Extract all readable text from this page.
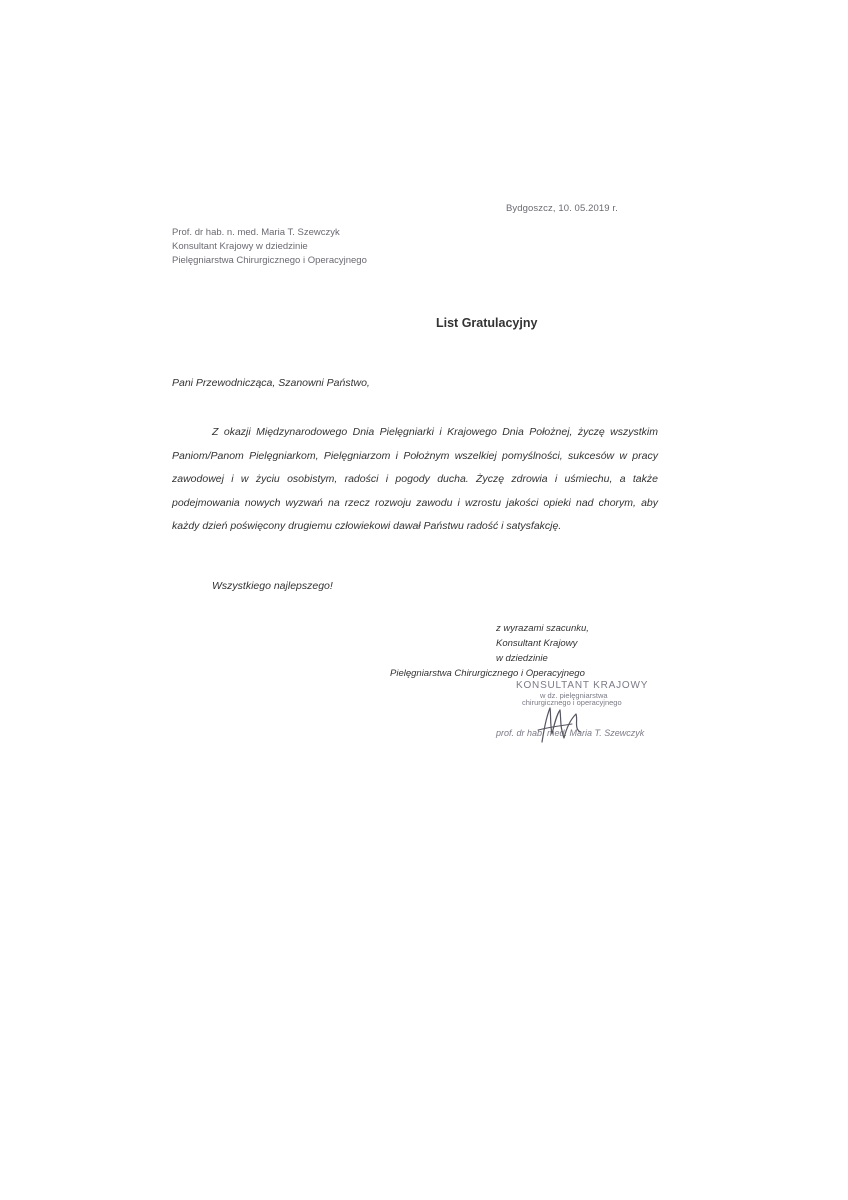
Bydgoszcz, 10. 05.2019 r.
Prof. dr hab. n. med. Maria T. Szewczyk
Konsultant Krajowy w dziedzinie
Pielęgniarstwa Chirurgicznego i Operacyjnego
List Gratulacyjny
Pani Przewodnicząca, Szanowni Państwo,
Z okazji Międzynarodowego Dnia Pielęgniarki i Krajowego Dnia Położnej, życzę wszystkim Paniom/Panom Pielęgniarkom, Pielęgniarzom i Położnym wszelkiej pomyślności, sukcesów w pracy zawodowej i w życiu osobistym, radości i pogody ducha. Życzę zdrowia i uśmiechu, a także podejmowania nowych wyzwań na rzecz rozwoju zawodu i wzrostu jakości opieki nad chorym, aby każdy dzień poświęcony drugiemu człowiekowi dawał Państwu radość i satysfakcję.
Wszystkiego najlepszego!
z wyrazami szacunku,
Konsultant Krajowy
w dziedzinie
Pielęgniarstwa Chirurgicznego i Operacyjnego
KONSULTANT KRAJOWY
w dz. pielęgniarstwa
chirurgicznego i operacyjnego
prof. dr hab. med. Maria T. Szewczyk
